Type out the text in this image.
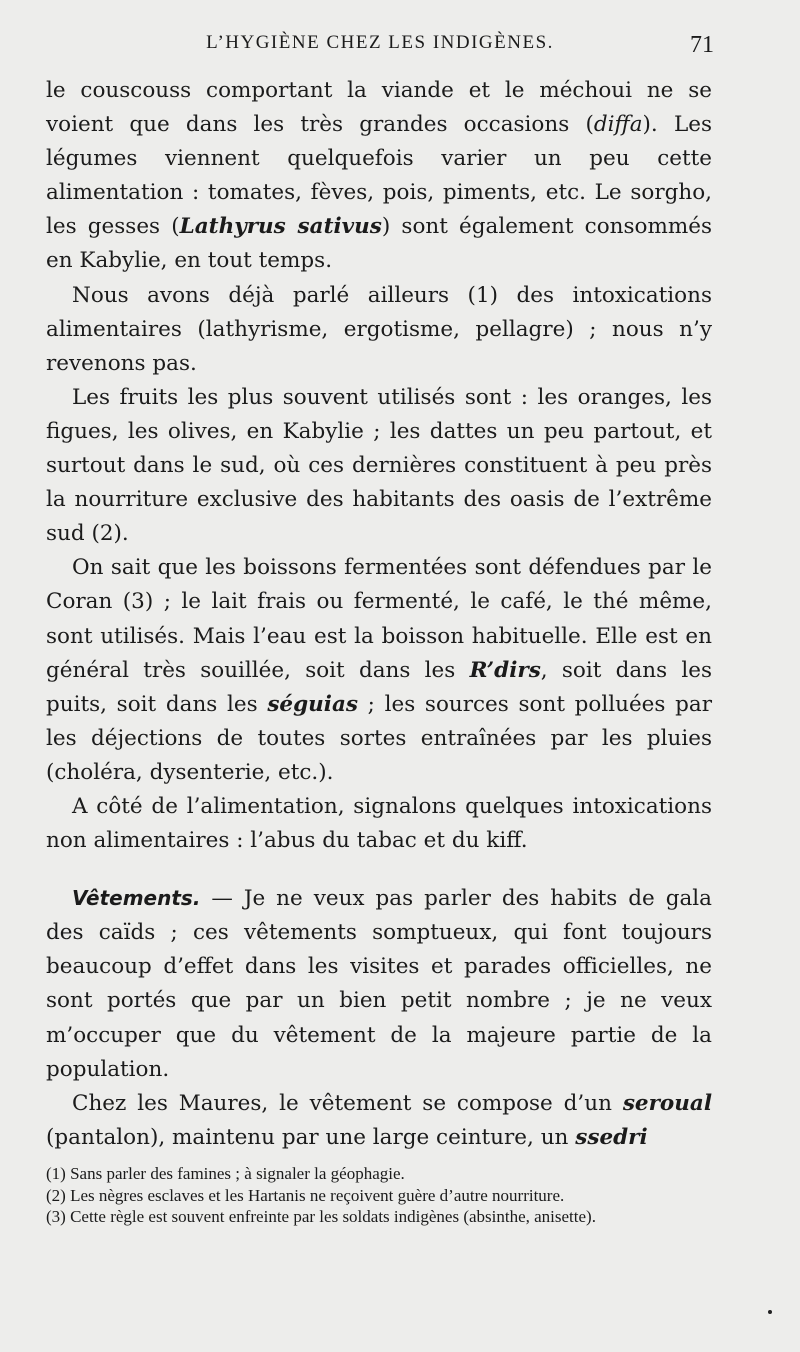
L’HYGIÈNE CHEZ LES INDIGÈNES.	71

le couscouss comportant la viande et le méchoui ne se voient que dans les très grandes occasions (diffa). Les légumes viennent quelquefois varier un peu cette alimentation : tomates, fèves, pois, piments, etc. Le sorgho, les gesses (Lathyrus sativus) sont également consommés en Kabylie, en tout temps.

Nous avons déjà parlé ailleurs (1) des intoxications alimentaires (lathyrisme, ergotisme, pellagre) ; nous n’y revenons pas.

Les fruits les plus souvent utilisés sont : les oranges, les figues, les olives, en Kabylie ; les dattes un peu partout, et surtout dans le sud, où ces dernières constituent à peu près la nourriture exclusive des habitants des oasis de l’extrême sud (2).

On sait que les boissons fermentées sont défendues par le Coran (3) ; le lait frais ou fermenté, le café, le thé même, sont utilisés. Mais l’eau est la boisson habituelle. Elle est en général très souillée, soit dans les R’dirs, soit dans les puits, soit dans les séguias ; les sources sont polluées par les déjections de toutes sortes entraînées par les pluies (choléra, dysenterie, etc.).

A côté de l’alimentation, signalons quelques intoxications non alimentaires : l’abus du tabac et du kiff.

Vêtements. — Je ne veux pas parler des habits de gala des caïds ; ces vêtements somptueux, qui font toujours beaucoup d’effet dans les visites et parades officielles, ne sont portés que par un bien petit nombre ; je ne veux m’occuper que du vêtement de la majeure partie de la population.

Chez les Maures, le vêtement se compose d’un seroual (pantalon), maintenu par une large ceinture, un ssedri

(1) Sans parler des famines ; à signaler la géophagie.

(2) Les nègres esclaves et les Hartanis ne reçoivent guère d’autre nourriture.

(3) Cette règle est souvent enfreinte par les soldats indigènes (absinthe, anisette).
